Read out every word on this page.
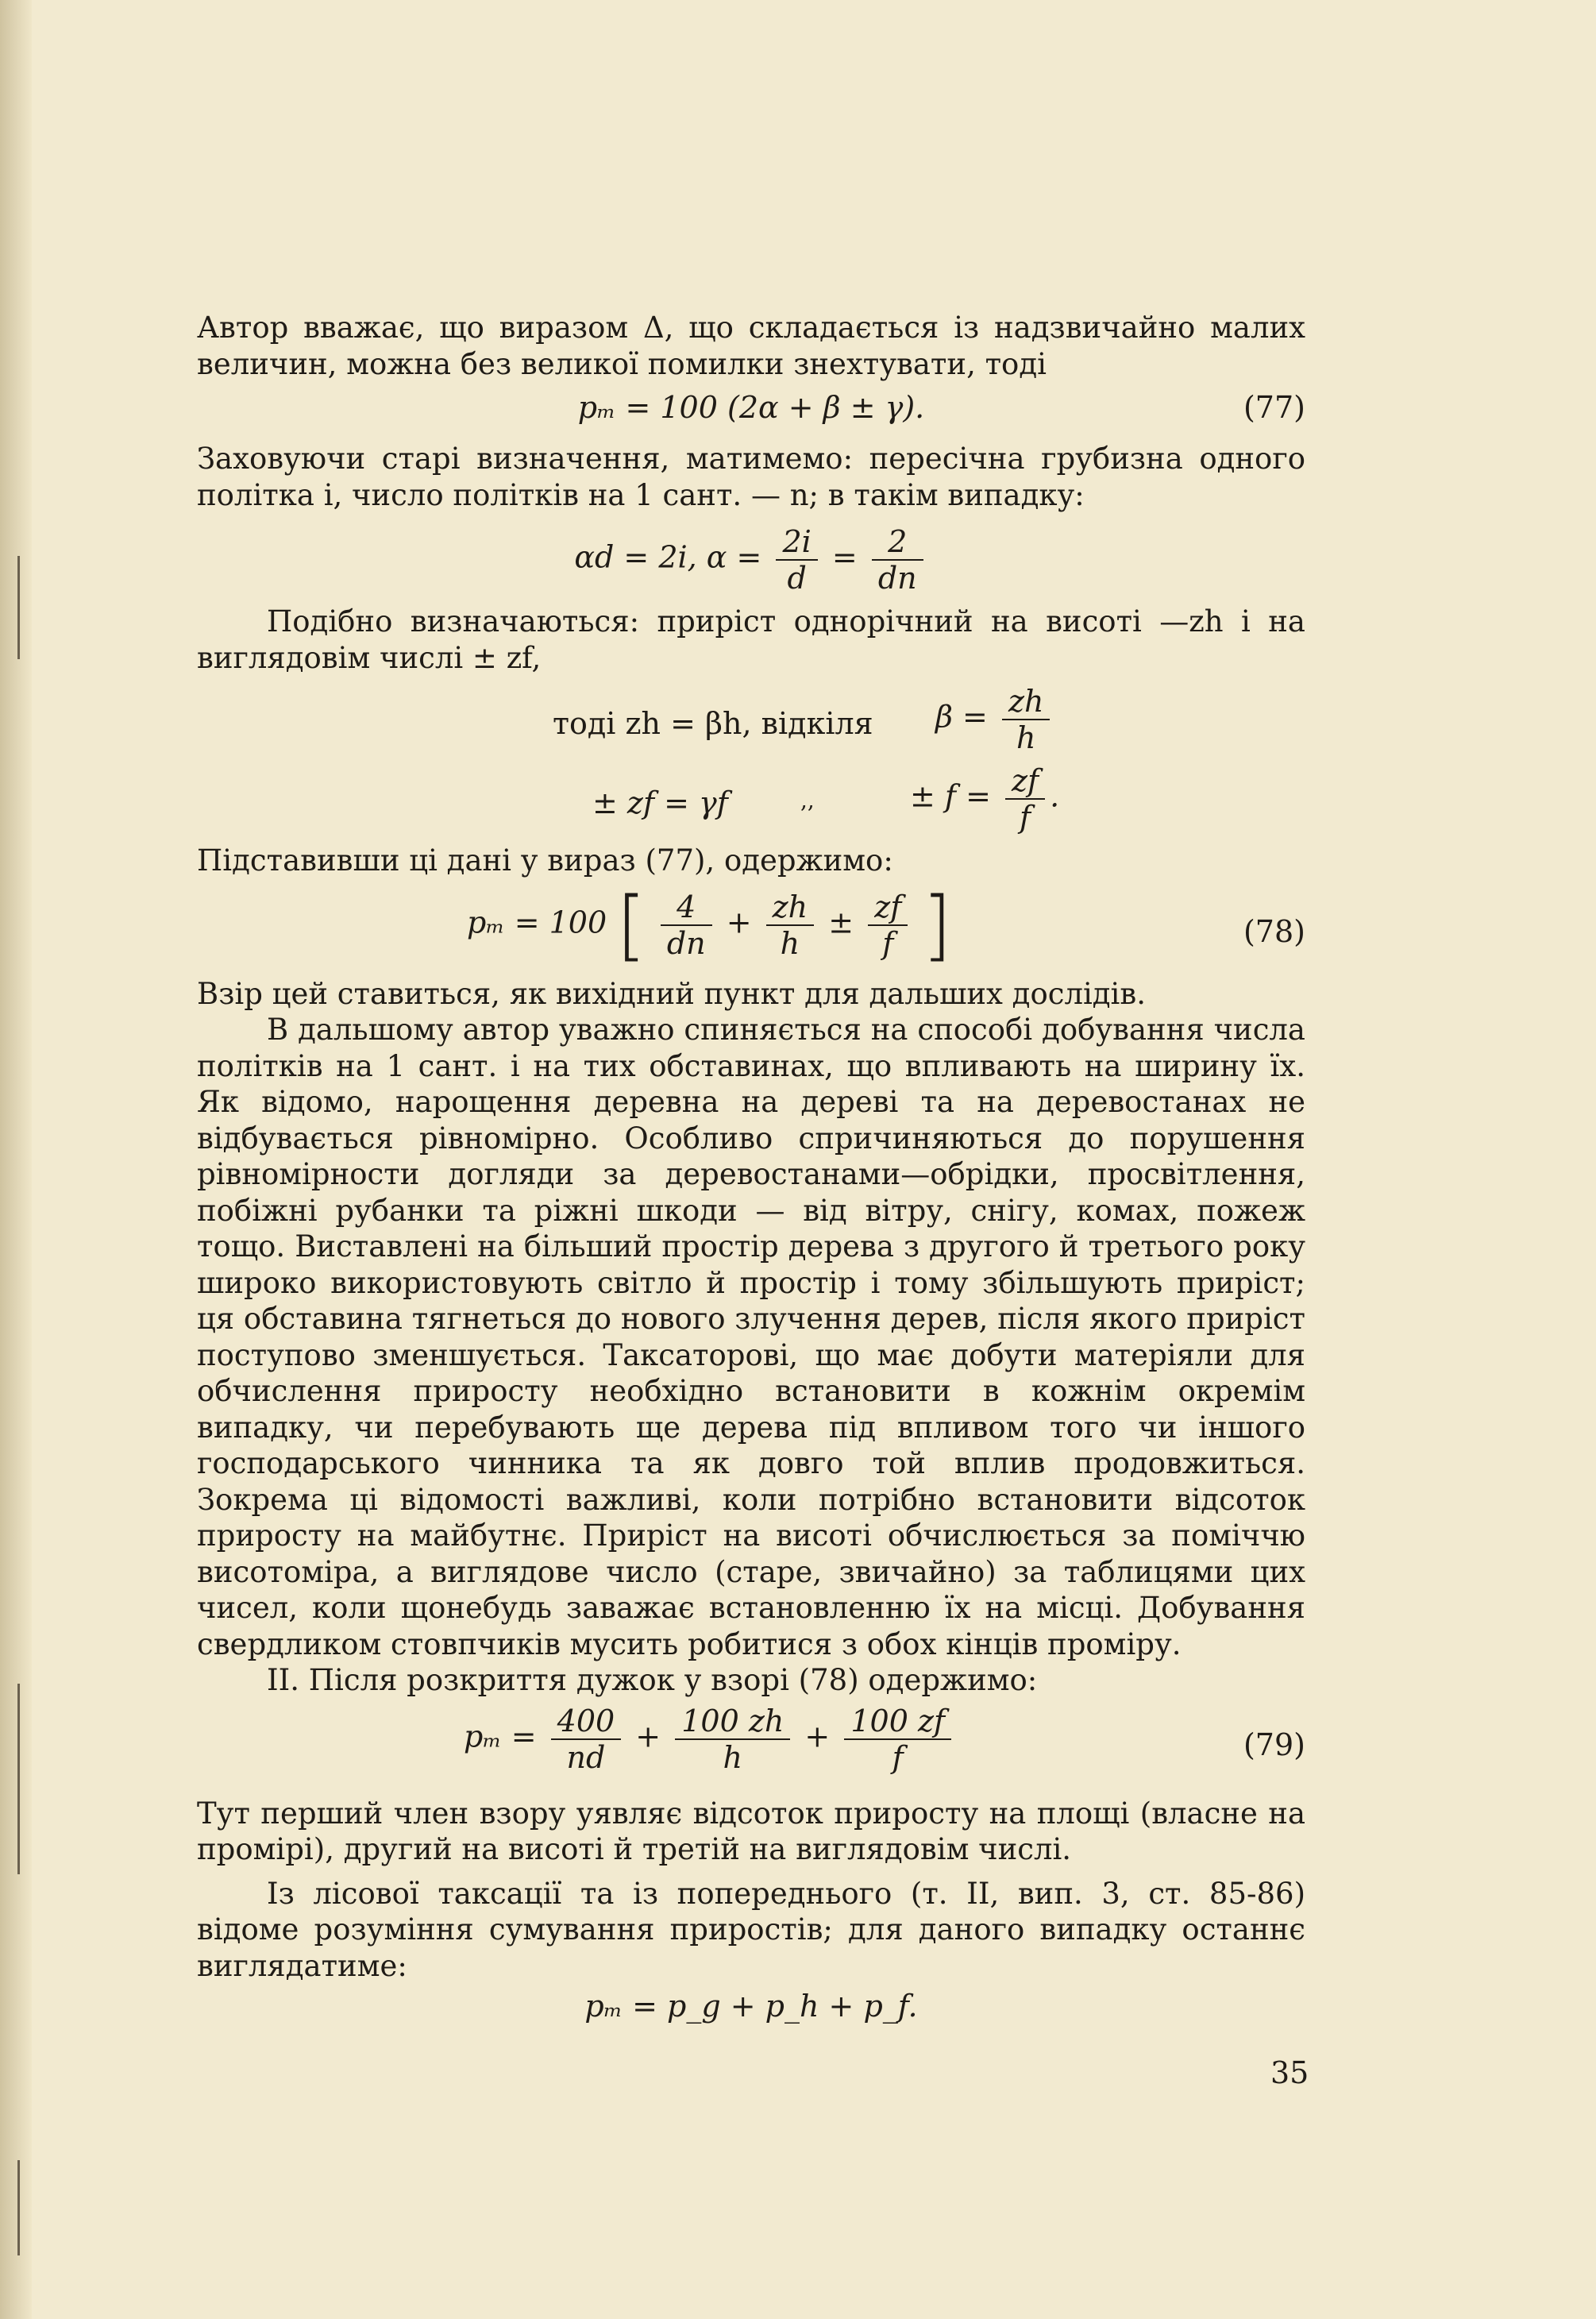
Автор вважає, що виразом Δ, що складається із надзвичайно малих величин, можна без великої помилки знехтувати, тоді

pₘ = 100 (2α + β ± γ).	(77)

Заховуючи старі визначення, матимемо: пересічна грубизна одного політка i, число політків на 1 сант. — n; в такім випадку:

αd = 2i, $\alpha = \frac{2i}{d} = \frac{2}{dn}$

Подібно визначаються: приріст однорічний на висоті —zh і на виглядовім числі ± zf,

тоді zh = βh, відкіля $\beta = \frac{zh}{h}$
± zf = γf	,,	± $f = \frac{zf}{f}$ .

Підставивши ці дані у вираз (77), одержимо:

pₘ = 100 [ $\frac{4}{dn} + \frac{zh}{h} \pm \frac{zf}{f}$ ]	(78)

Взір цей ставиться, як вихідний пункт для дальших дослідів.

В дальшому автор уважно спиняється на способі добування числа політків на 1 сант. і на тих обставинах, що впливають на ширину їх. Як відомо, нарощення деревна на дереві та на деревостанах не відбувається рівномірно. Особливо спричиняються до порушення рівномірности догляди за деревостанами—обрідки, просвітлення, побіжні рубанки та ріжні шкоди — від вітру, снігу, комах, пожеж тощо. Виставлені на більший простір дерева з другого й третього року широко використовують світло й простір і тому збільшують приріст; ця обставина тягнеться до нового злучення дерев, після якого приріст поступово зменшується. Таксаторові, що має добути матеріяли для обчислення приросту необхідно встановити в кожнім окремім випадку, чи перебувають ще дерева під впливом того чи іншого господарського чинника та як довго той вплив продовжиться. Зокрема ці відомості важливі, коли потрібно встановити відсоток приросту на майбутнє. Приріст на висоті обчислюється за поміччю висотоміра, а виглядове число (старе, звичайно) за таблицями цих чисел, коли щонебудь заважає встановленню їх на місці. Добування свердликом стовпчиків мусить робитися з обох кінців проміру.

II. Після розкриття дужок у взорі (78) одержимо:

$p_m = \frac{400}{nd} + \frac{100 zh}{h} + \frac{100 zf}{f}$	(79)

Тут перший член взору уявляє відсоток приросту на площі (власне на промірі), другий на висоті й третій на виглядовім числі.

Із лісової таксації та із попереднього (т. II, вип. 3, ст. 85-86) відоме розуміння сумування приростів; для даного випадку останнє виглядатиме:

pₘ = p_g + p_h + p_f.
35
